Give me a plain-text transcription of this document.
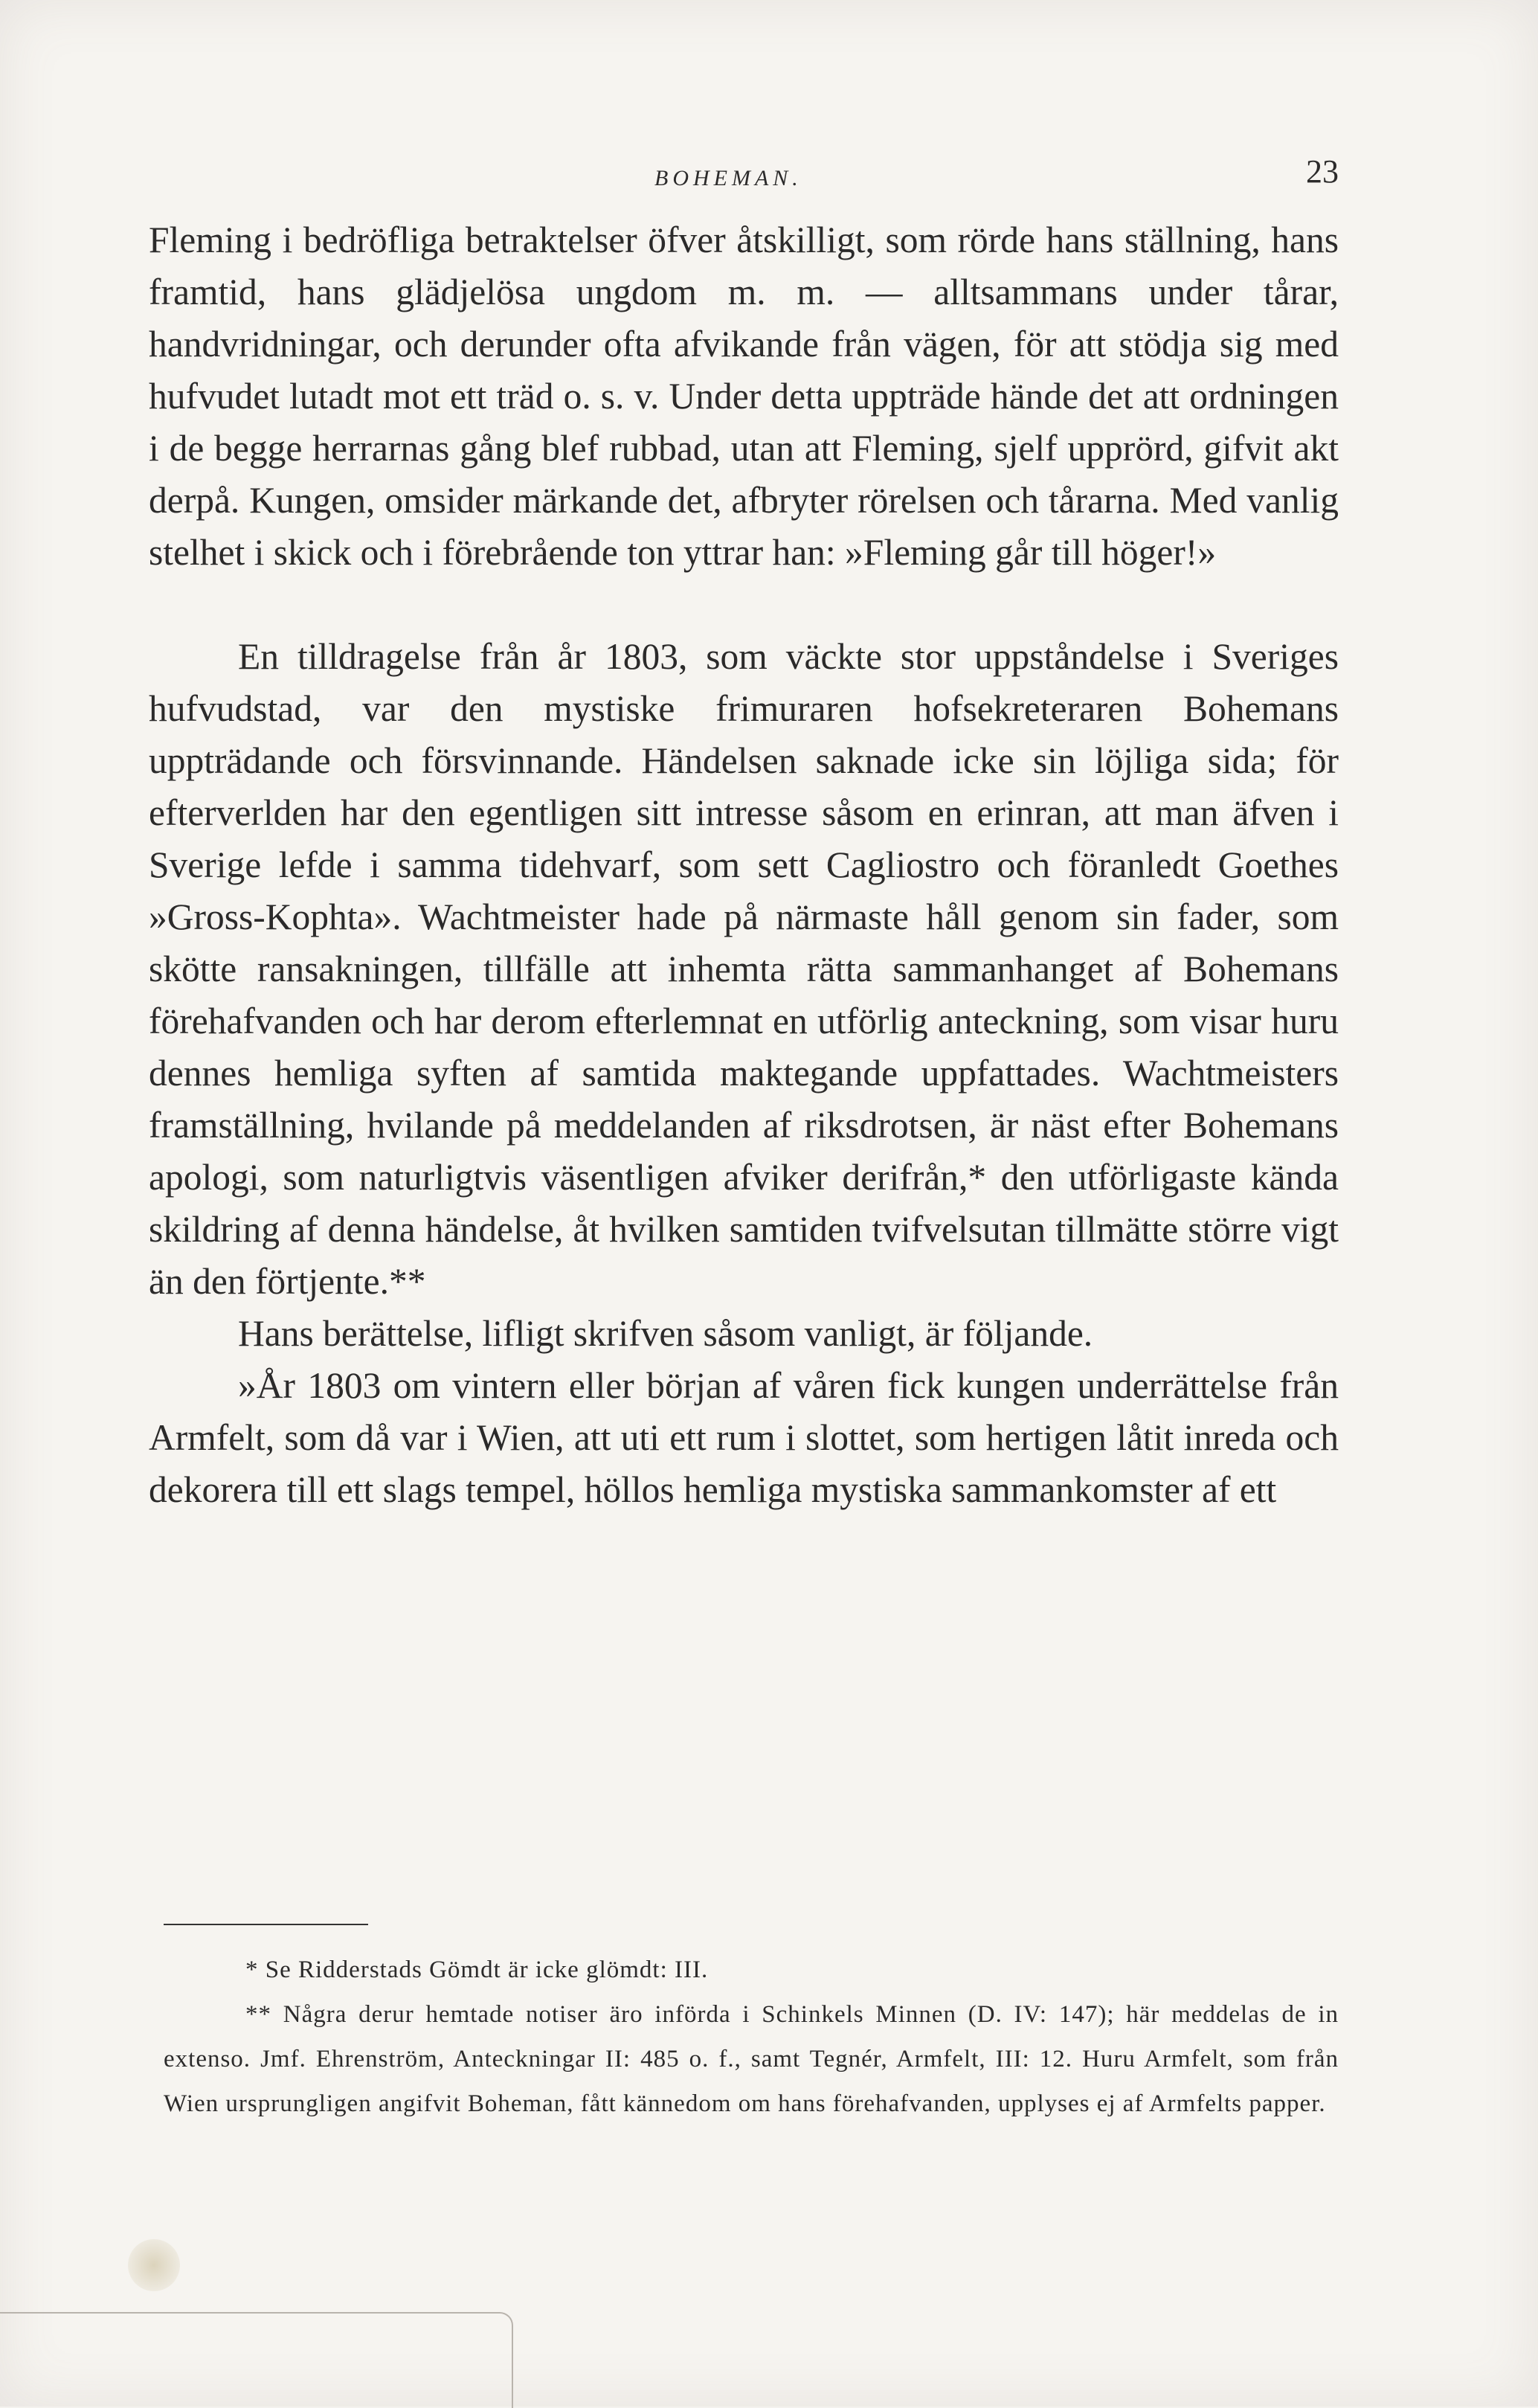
BOHEMAN.	23

Fleming i bedröfliga betraktelser öfver åtskilligt, som rörde hans ställning, hans framtid, hans glädjelösa ungdom m. m. — alltsammans under tårar, handvridningar, och derunder ofta afvikande från vägen, för att stödja sig med hufvudet lutadt mot ett träd o. s. v. Under detta uppträde hände det att ordningen i de begge herrarnas gång blef rubbad, utan att Fleming, sjelf upprörd, gifvit akt derpå. Kungen, omsider märkande det, afbryter rörelsen och tårarna. Med vanlig stelhet i skick och i förebrående ton yttrar han: »Fleming går till höger!»

En tilldragelse från år 1803, som väckte stor uppståndelse i Sveriges hufvudstad, var den mystiske frimuraren hofsekreteraren Bohemans uppträdande och försvinnande. Händelsen saknade icke sin löjliga sida; för efterverlden har den egentligen sitt intresse såsom en erinran, att man äfven i Sverige lefde i samma tidehvarf, som sett Cagliostro och föranledt Goethes »Gross-Kophta». Wachtmeister hade på närmaste håll genom sin fader, som skötte ransakningen, tillfälle att inhemta rätta sammanhanget af Bohemans förehafvanden och har derom efterlemnat en utförlig anteckning, som visar huru dennes hemliga syften af samtida maktegande uppfattades. Wachtmeisters framställning, hvilande på meddelanden af riksdrotsen, är näst efter Bohemans apologi, som naturligtvis väsentligen afviker derifrån,* den utförligaste kända skildring af denna händelse, åt hvilken samtiden tvifvelsutan tillmätte större vigt än den förtjente.**

Hans berättelse, lifligt skrifven såsom vanligt, är följande.

»År 1803 om vintern eller början af våren fick kungen underrättelse från Armfelt, som då var i Wien, att uti ett rum i slottet, som hertigen låtit inreda och dekorera till ett slags tempel, höllos hemliga mystiska sammankomster af ett

* Se Ridderstads Gömdt är icke glömdt: III.

** Några derur hemtade notiser äro införda i Schinkels Minnen (D. IV: 147); här meddelas de in extenso. Jmf. Ehrenström, Anteckningar II: 485 o. f., samt Tegnér, Armfelt, III: 12. Huru Armfelt, som från Wien ursprungligen angifvit Boheman, fått kännedom om hans förehafvanden, upplyses ej af Armfelts papper.
